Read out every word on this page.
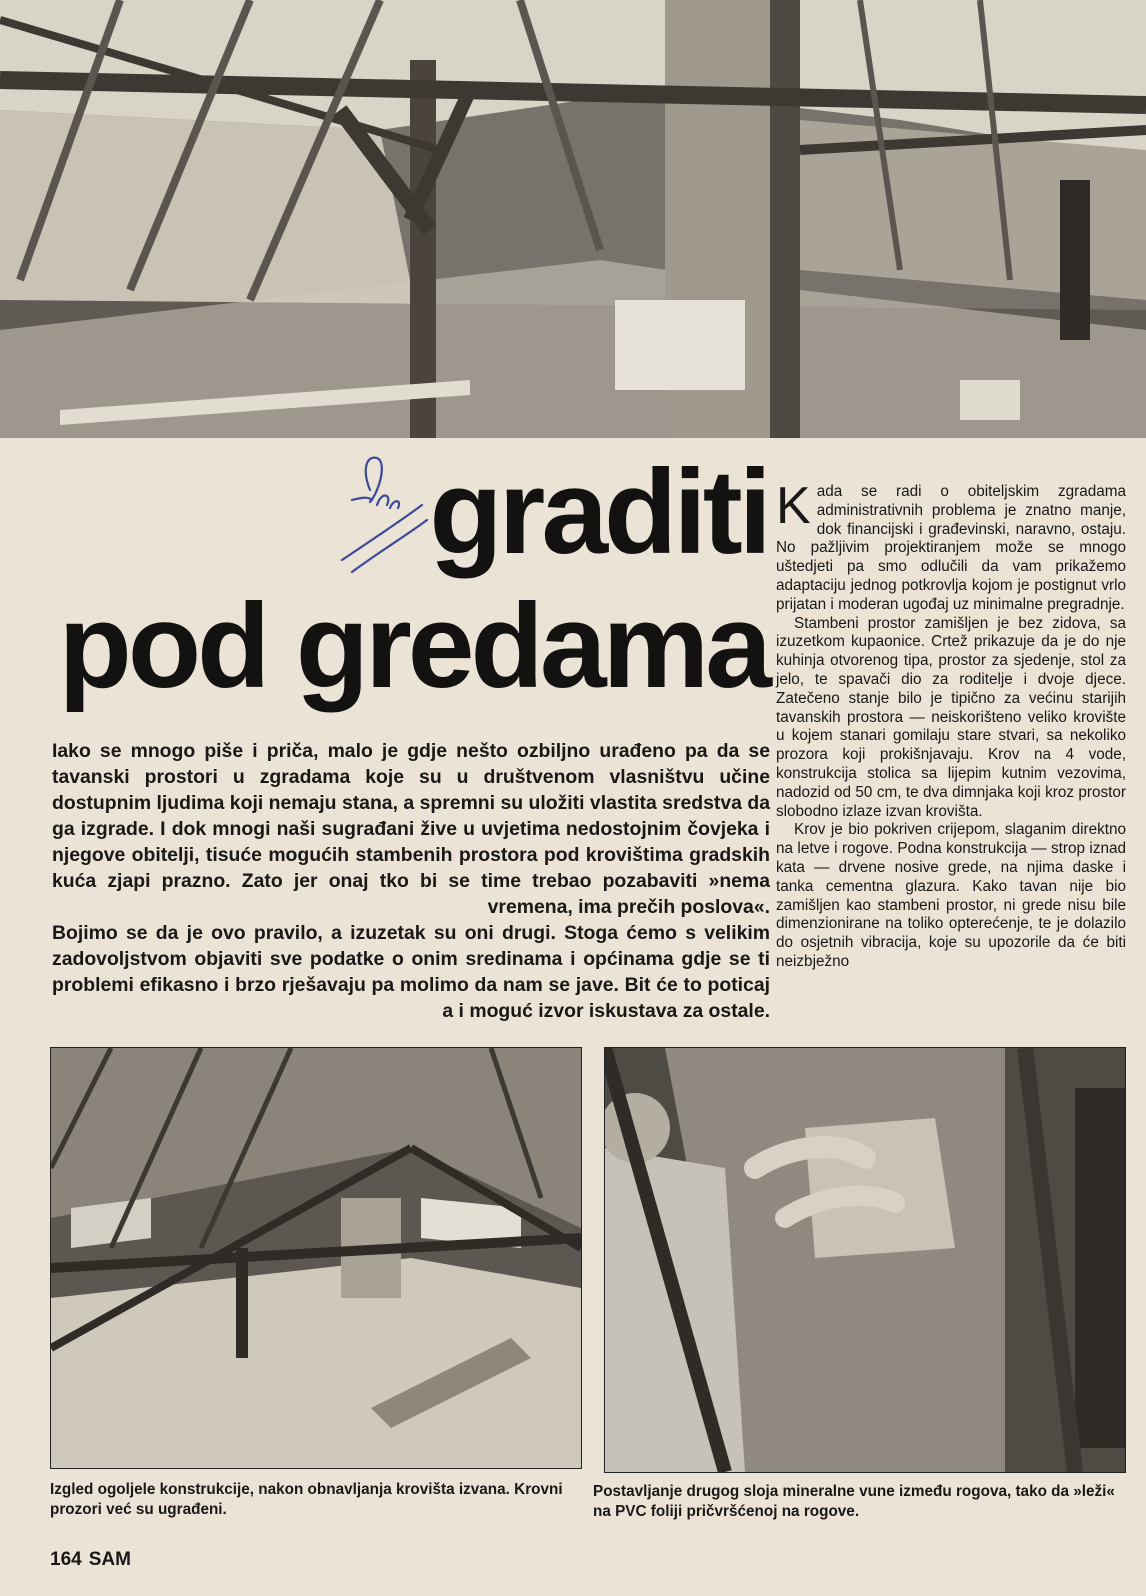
graditi
pod gredama

Iako se mnogo piše i priča, malo je gdje nešto ozbiljno urađeno pa da se tavanski prostori u zgradama koje su u društvenom vlasništvu učine dostupnim ljudima koji nemaju stana, a spremni su uložiti vlastita sredstva da ga izgrade. I dok mnogi naši sugrađani žive u uvjetima nedostojnim čovjeka i njegove obitelji, tisuće mogućih stambenih prostora pod krovištima gradskih kuća zjapi prazno. Zato jer onaj tko bi se time trebao pozabaviti »nema vremena, ima prečih poslova«.

Bojimo se da je ovo pravilo, a izuzetak su oni drugi. Stoga ćemo s velikim zadovoljstvom objaviti sve podatke o onim sredinama i općinama gdje se ti problemi efikasno i brzo rješavaju pa molimo da nam se jave. Bit će to poticaj a i moguć izvor iskustava za ostale.

Kada se radi o obiteljskim zgradama administrativnih problema je znatno manje, dok financijski i građevinski, naravno, ostaju. No pažljivim projektiranjem može se mnogo uštedjeti pa smo odlučili da vam prikažemo adaptaciju jednog potkrovlja kojom je postignut vrlo prijatan i moderan ugođaj uz minimalne pregradnje.

Stambeni prostor zamišljen je bez zidova, sa izuzetkom kupaonice. Crtež prikazuje da je do nje kuhinja otvorenog tipa, prostor za sjedenje, stol za jelo, te spavači dio za roditelje i dvoje djece. Zatečeno stanje bilo je tipično za većinu starijih tavanskih prostora — neiskorišteno veliko krovište u kojem stanari gomilaju stare stvari, sa nekoliko prozora koji prokišnjavaju. Krov na 4 vode, konstrukcija stolica sa lijepim kutnim vezovima, nadozid od 50 cm, te dva dimnjaka koji kroz prostor slobodno izlaze izvan krovišta.

Krov je bio pokriven crijepom, slaganim direktno na letve i rogove. Podna konstrukcija — strop iznad kata — drvene nosive grede, na njima daske i tanka cementna glazura. Kako tavan nije bio zamišljen kao stambeni prostor, ni grede nisu bile dimenzionirane na toliko opterećenje, te je dolazilo do osjetnih vibracija, koje su upozorile da će biti neizbježno

Izgled ogoljele konstrukcije, nakon obnavljanja krovišta izvana. Krovni prozori već su ugrađeni.

Postavljanje drugog sloja mineralne vune između rogova, tako da »leži« na PVC foliji pričvršćenoj na rogove.

164 SAM
